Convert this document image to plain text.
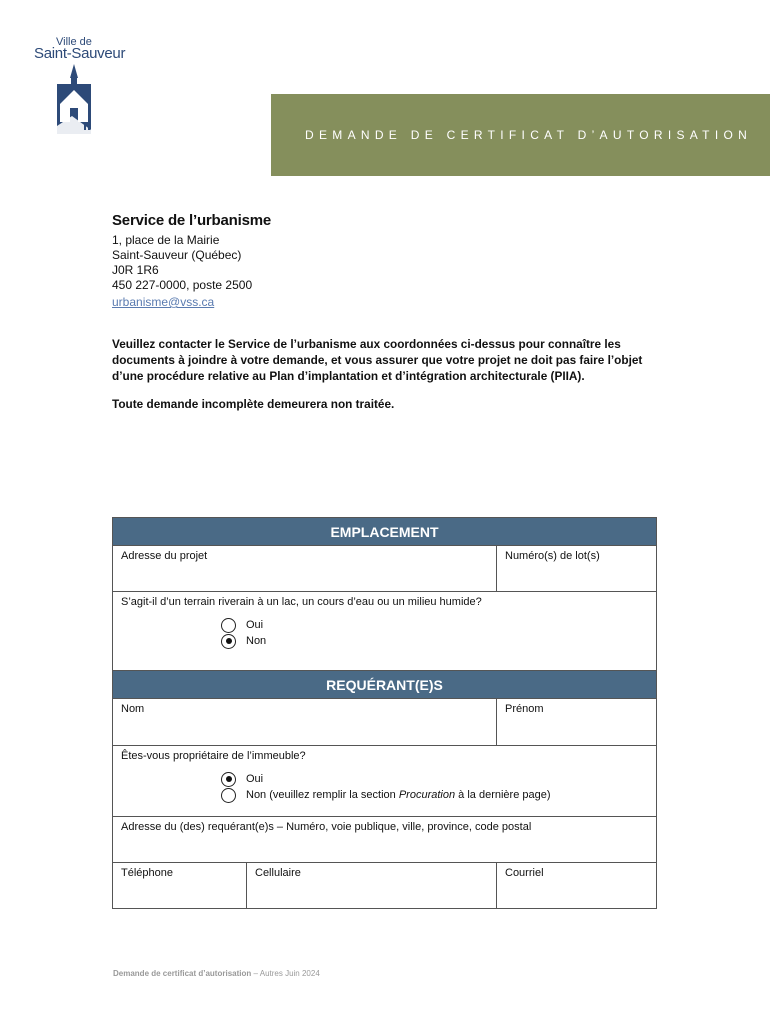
Ville de
Saint-Sauveur
DEMANDE DE CERTIFICAT D’AUTORISATION
Service de l’urbanisme
1, place de la Mairie
Saint-Sauveur (Québec)
J0R 1R6
450 227-0000, poste 2500
urbanisme@vss.ca

Veuillez contacter le Service de l’urbanisme aux coordonnées ci-dessus pour connaître les documents à joindre à votre demande, et vous assurer que votre projet ne doit pas faire l’objet d’une procédure relative au Plan d’implantation et d’intégration architecturale (PIIA).

Toute demande incomplète demeurera non traitée.

EMPLACEMENT
Adresse du projet	Numéro(s) de lot(s)
S’agit-il d’un terrain riverain à un lac, un cours d’eau ou un milieu humide?
Oui
Non
REQUÉRANT(E)S
Nom	Prénom
Êtes-vous propriétaire de l’immeuble?
Oui
Non (veuillez remplir la section Procuration à la dernière page)
Adresse du (des) requérant(e)s – Numéro, voie publique, ville, province, code postal
Téléphone	Cellulaire	Courriel
Demande de certificat d’autorisation – Autres Juin 2024
